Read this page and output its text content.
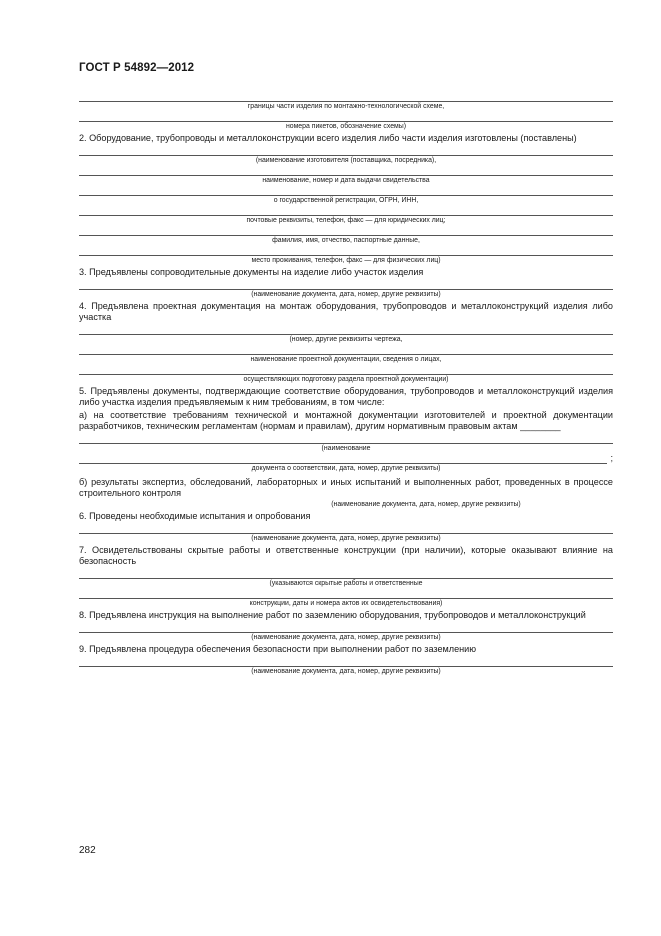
ГОСТ Р 54892—2012
границы части изделия по монтажно-технологической схеме,
номера пикетов, обозначение схемы)
2. Оборудование, трубопроводы и металлоконструкции всего изделия либо части изделия изготовлены (поставлены)
(наименование изготовителя (поставщика, посредника),
наименование, номер и дата выдачи свидетельства
о государственной регистрации, ОГРН, ИНН,
почтовые реквизиты, телефон, факс — для юридических лиц;
фамилия, имя, отчество, паспортные данные,
место проживания, телефон, факс — для физических лиц)
3. Предъявлены сопроводительные документы на изделие либо участок изделия
(наименование документа, дата, номер, другие реквизиты)
4. Предъявлена проектная документация на монтаж оборудования, трубопроводов и металлоконструкций изделия либо участка
(номер, другие реквизиты чертежа,
наименование проектной документации, сведения о лицах,
осуществляющих подготовку раздела проектной документации)
5. Предъявлены документы, подтверждающие соответствие оборудования, трубопроводов и металлоконструкций изделия либо участка изделия предъявляемым к ним требованиям, в том числе:
а) на соответствие требованиям технической и монтажной документации изготовителей и проектной документации разработчиков, техническим регламентам (нормам и правилам), другим нормативным правовым актам ________
(наименование
;
документа о соответствии, дата, номер, другие реквизиты)
б) результаты экспертиз, обследований, лабораторных и иных испытаний и выполненных работ, проведенных в процессе строительного контроля
(наименование документа, дата, номер, другие реквизиты)
6. Проведены необходимые испытания и опробования
(наименование документа, дата, номер, другие реквизиты)
7. Освидетельствованы скрытые работы и ответственные конструкции (при наличии), которые оказывают влияние на безопасность
(указываются скрытые работы и ответственные
конструкции, даты и номера актов их освидетельствования)
8. Предъявлена инструкция на выполнение работ по заземлению оборудования, трубопроводов и металлоконструкций
(наименование документа, дата, номер, другие реквизиты)
9. Предъявлена процедура обеспечения безопасности при выполнении работ по заземлению
(наименование документа, дата, номер, другие реквизиты)
282
